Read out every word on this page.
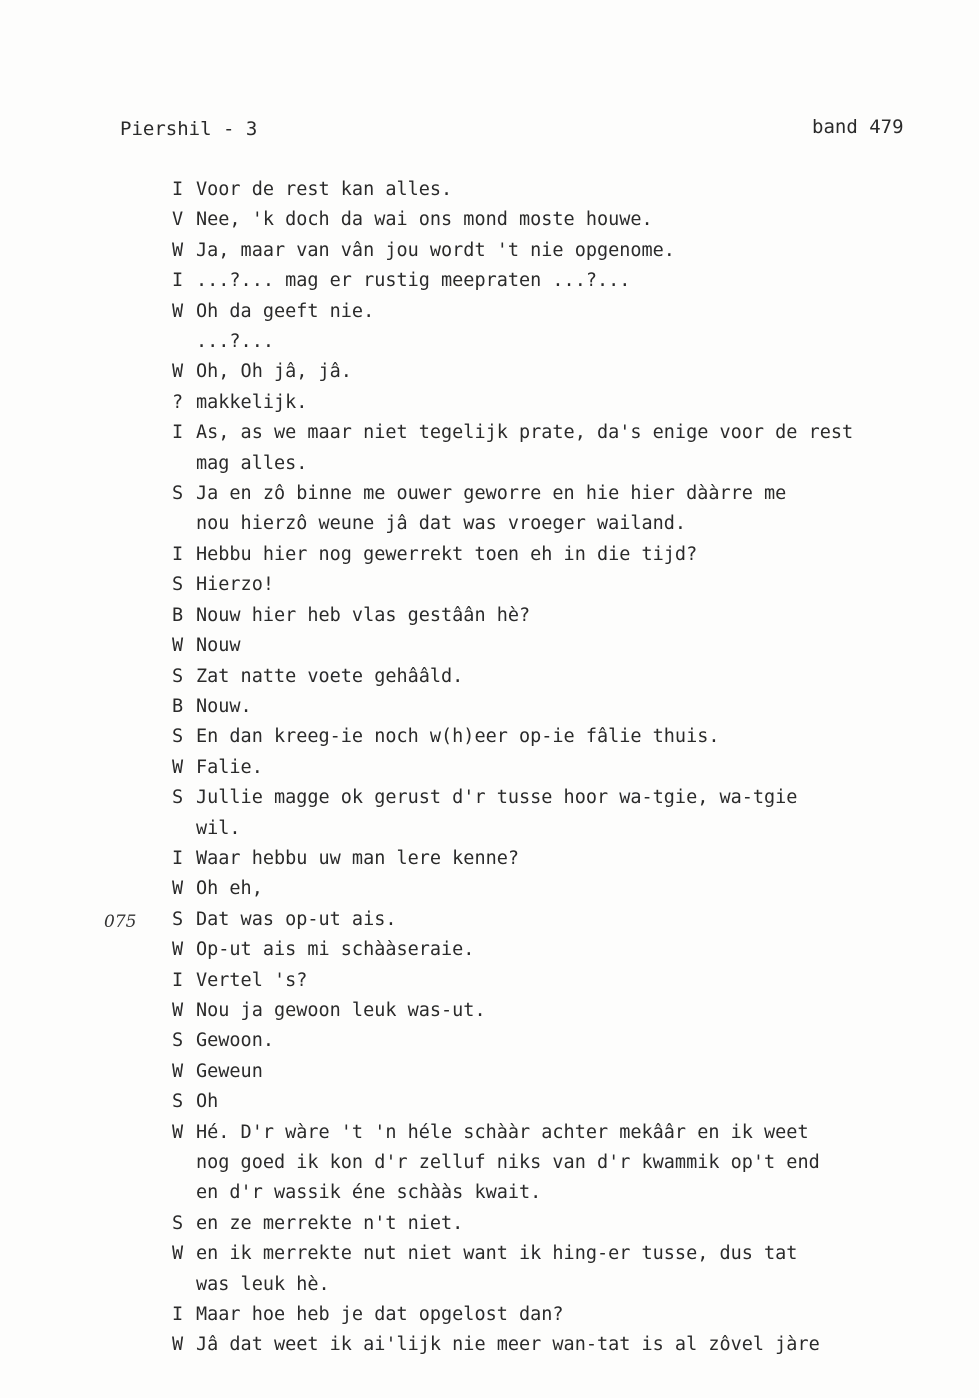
Piershil - 3	band 479
075
I Voor de rest kan alles.
V Nee, 'k doch da wai ons mond moste houwe.
W Ja, maar van vân jou wordt 't nie opgenome.
I ...?... mag er rustig meepraten ...?...
W Oh da geeft nie.
...?...
W Oh, Oh jâ, jâ.
? makkelijk.
I As, as we maar niet tegelijk prate, da's enige voor de rest
mag alles.
S Ja en zô binne me ouwer geworre en hie hier dààrre me
nou hierzô weune jâ dat was vroeger wailand.
I Hebbu hier nog gewerrekt toen eh in die tijd?
S Hierzo!
B Nouw hier heb vlas gestâân hè?
W Nouw
S Zat natte voete gehââld.
B Nouw.
S En dan kreeg-ie noch w(h)eer op-ie fâlie thuis.
W Falie.
S Jullie magge ok gerust d'r tusse hoor wa-tgie, wa-tgie
wil.
I Waar hebbu uw man lere kenne?
W Oh eh,
S Dat was op-ut ais.
W Op-ut ais mi schààseraie.
I Vertel 's?
W Nou ja gewoon leuk was-ut.
S Gewoon.
W Geweun
S Oh
W Hé. D'r wàre 't 'n héle schààr achter mekââr en ik weet
nog goed ik kon d'r zelluf niks van d'r kwammik op't end
en d'r wassik éne schààs kwait.
S en ze merrekte n't niet.
W en ik merrekte nut niet want ik hing-er tusse, dus tat
was leuk hè.
I Maar hoe heb je dat opgelost dan?
W Jâ dat weet ik ai'lijk nie meer wan-tat is al zôvel jàre
